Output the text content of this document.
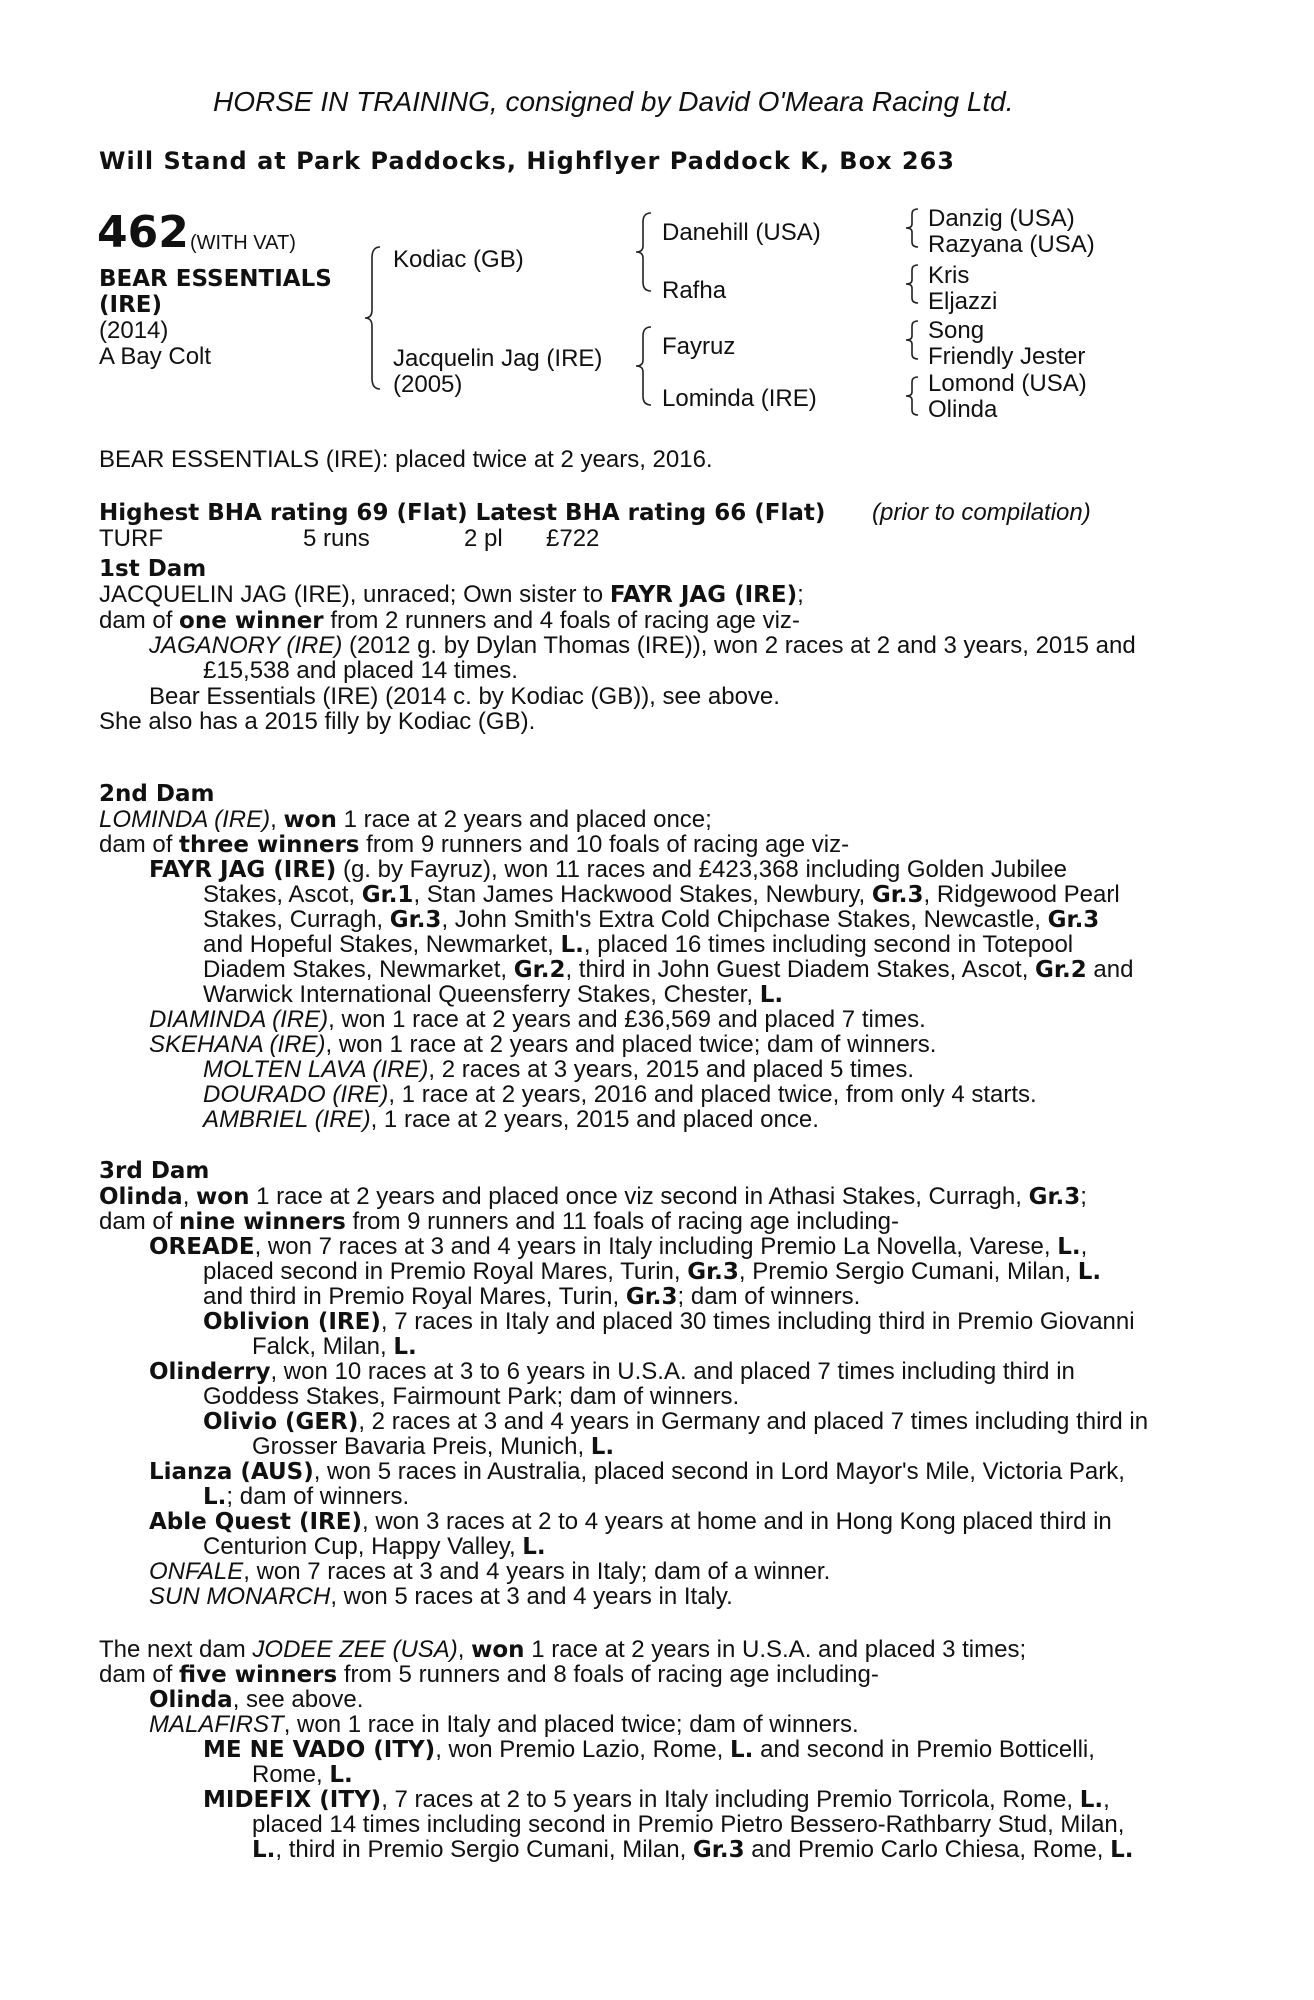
HORSE IN TRAINING, consigned by David O'Meara Racing Ltd.
Will Stand at Park Paddocks, Highflyer Paddock K, Box 263
462 (WITH VAT)
BEAR ESSENTIALS
(IRE)
(2014)
A Bay Colt
Kodiac (GB)
Jacquelin Jag (IRE)
(2005)
Danehill (USA)
Rafha
Fayruz
Lominda (IRE)
Danzig (USA)
Razyana (USA)
Kris
Eljazzi
Song
Friendly Jester
Lomond (USA)
Olinda
BEAR ESSENTIALS (IRE): placed twice at 2 years, 2016.
Highest BHA rating 69 (Flat) Latest BHA rating 66 (Flat) (prior to compilation)
TURF	5 runs	2 pl £722
JACQUELIN JAG (IRE), unraced; Own sister to FAYR JAG (IRE);
dam of one winner from 2 runners and 4 foals of racing age viz-
JAGANORY (IRE) (2012 g. by Dylan Thomas (IRE)), won 2 races at 2 and 3 years, 2015 and
£15,538 and placed 14 times.
Bear Essentials (IRE) (2014 c. by Kodiac (GB)), see above.
She also has a 2015 filly by Kodiac (GB).
LOMINDA (IRE), won 1 race at 2 years and placed once;
dam of three winners from 9 runners and 10 foals of racing age viz-
FAYR JAG (IRE) (g. by Fayruz), won 11 races and £423,368 including Golden Jubilee
Stakes, Ascot, Gr.1, Stan James Hackwood Stakes, Newbury, Gr.3, Ridgewood Pearl
Stakes, Curragh, Gr.3, John Smith's Extra Cold Chipchase Stakes, Newcastle, Gr.3
and Hopeful Stakes, Newmarket, L., placed 16 times including second in Totepool
Diadem Stakes, Newmarket, Gr.2, third in John Guest Diadem Stakes, Ascot, Gr.2 and
Warwick International Queensferry Stakes, Chester, L.
DIAMINDA (IRE), won 1 race at 2 years and £36,569 and placed 7 times.
SKEHANA (IRE), won 1 race at 2 years and placed twice; dam of winners.
MOLTEN LAVA (IRE), 2 races at 3 years, 2015 and placed 5 times.
DOURADO (IRE), 1 race at 2 years, 2016 and placed twice, from only 4 starts.
AMBRIEL (IRE), 1 race at 2 years, 2015 and placed once.
Olinda, won 1 race at 2 years and placed once viz second in Athasi Stakes, Curragh, Gr.3;
dam of nine winners from 9 runners and 11 foals of racing age including-
OREADE, won 7 races at 3 and 4 years in Italy including Premio La Novella, Varese, L.,
placed second in Premio Royal Mares, Turin, Gr.3, Premio Sergio Cumani, Milan, L.
and third in Premio Royal Mares, Turin, Gr.3; dam of winners.
Oblivion (IRE), 7 races in Italy and placed 30 times including third in Premio Giovanni
Falck, Milan, L.
Olinderry, won 10 races at 3 to 6 years in U.S.A. and placed 7 times including third in
Goddess Stakes, Fairmount Park; dam of winners.
Olivio (GER), 2 races at 3 and 4 years in Germany and placed 7 times including third in
Grosser Bavaria Preis, Munich, L.
Lianza (AUS), won 5 races in Australia, placed second in Lord Mayor's Mile, Victoria Park,
L.; dam of winners.
Able Quest (IRE), won 3 races at 2 to 4 years at home and in Hong Kong placed third in
Centurion Cup, Happy Valley, L.
ONFALE, won 7 races at 3 and 4 years in Italy; dam of a winner.
SUN MONARCH, won 5 races at 3 and 4 years in Italy.
The next dam JODEE ZEE (USA), won 1 race at 2 years in U.S.A. and placed 3 times;
dam of five winners from 5 runners and 8 foals of racing age including-
Olinda, see above.
MALAFIRST, won 1 race in Italy and placed twice; dam of winners.
ME NE VADO (ITY), won Premio Lazio, Rome, L. and second in Premio Botticelli,
Rome, L.
MIDEFIX (ITY), 7 races at 2 to 5 years in Italy including Premio Torricola, Rome, L.,
placed 14 times including second in Premio Pietro Bessero-Rathbarry Stud, Milan,
L., third in Premio Sergio Cumani, Milan, Gr.3 and Premio Carlo Chiesa, Rome, L.
1st Dam
2nd Dam
3rd Dam
